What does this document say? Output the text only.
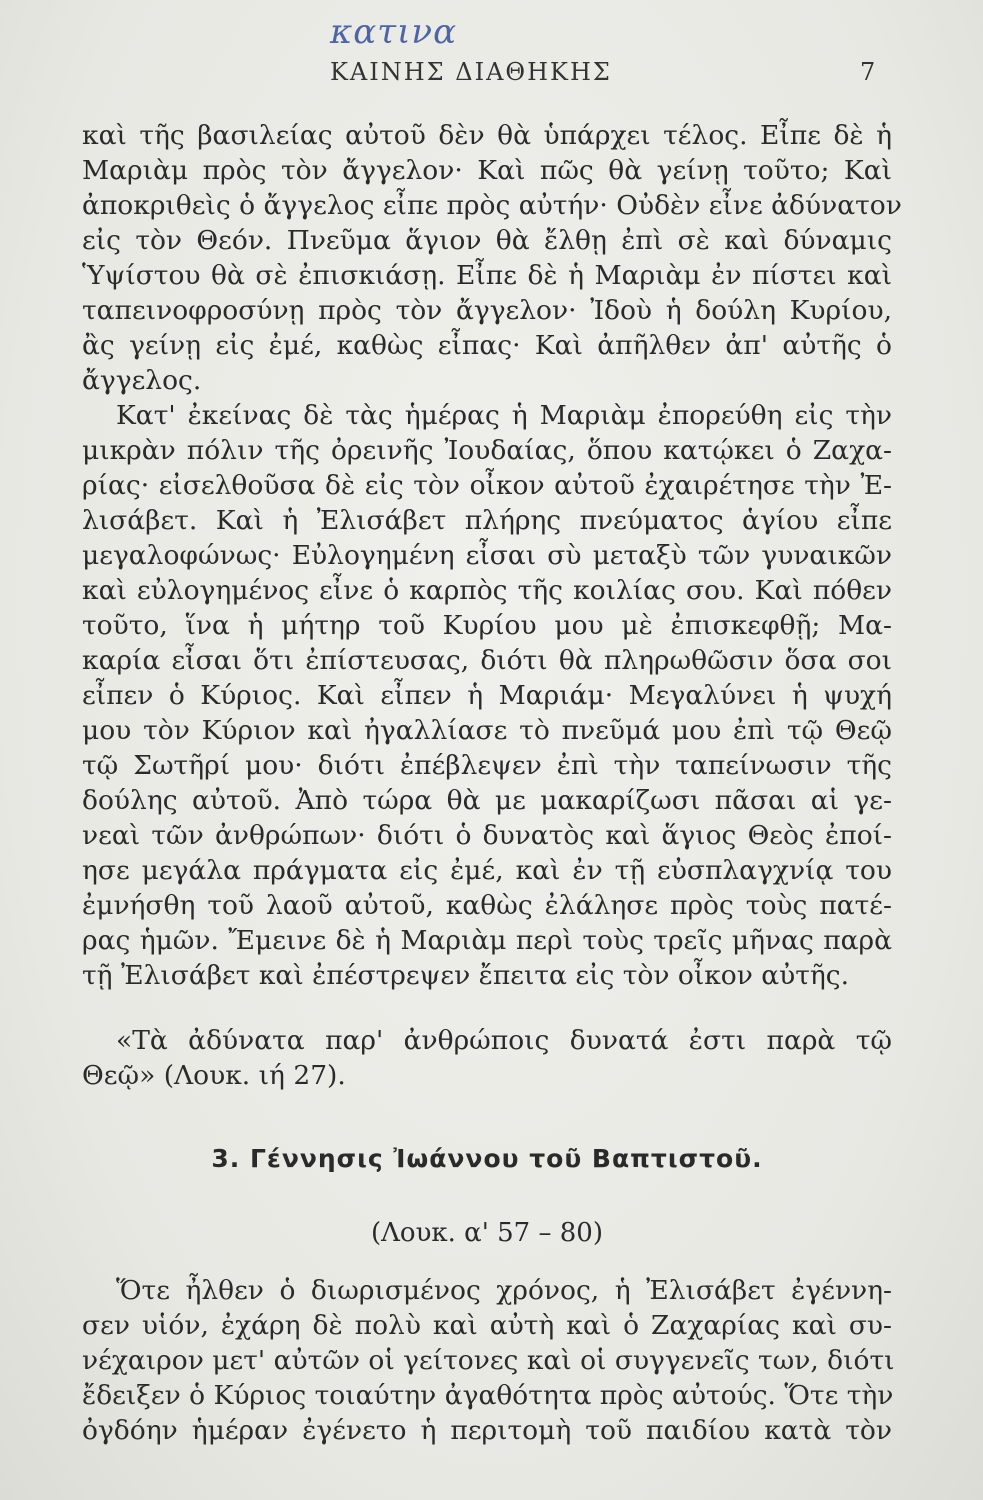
κατινα
ΚΑΙΝΗΣ ΔΙΑΘΗΚΗΣ	7
καὶ τῆς βασιλείας αὐτοῦ δὲν θὰ ὑπάρχει τέλος. Εἶπε δὲ ἡ
Μαριὰμ πρὸς τὸν ἄγγελον· Καὶ πῶς θὰ γείνῃ τοῦτο; Καὶ
ἀποκριθεὶς ὁ ἄγγελος εἶπε πρὸς αὐτήν· Οὐδὲν εἶνε ἀδύνατον
εἰς τὸν Θεόν. Πνεῦμα ἅγιον θὰ ἔλθῃ ἐπὶ σὲ καὶ δύναμις
Ὑψίστου θὰ σὲ ἐπισκιάσῃ. Εἶπε δὲ ἡ Μαριὰμ ἐν πίστει καὶ
ταπεινοφροσύνῃ πρὸς τὸν ἄγγελον· Ἰδοὺ ἡ δούλη Κυρίου,
ἂς γείνῃ εἰς ἐμέ, καθὼς εἶπας· Καὶ ἀπῆλθεν ἀπ' αὐτῆς ὁ
ἄγγελος.
Κατ' ἐκείνας δὲ τὰς ἡμέρας ἡ Μαριὰμ ἐπορεύθη εἰς τὴν
μικρὰν πόλιν τῆς ὀρεινῆς Ἰουδαίας, ὅπου κατῴκει ὁ Ζαχα-
ρίας· εἰσελθοῦσα δὲ εἰς τὸν οἶκον αὐτοῦ ἐχαιρέτησε τὴν Ἐ-
λισάβετ. Καὶ ἡ Ἐλισάβετ πλήρης πνεύματος ἁγίου εἶπε
μεγαλοφώνως· Εὐλογημένη εἶσαι σὺ μεταξὺ τῶν γυναικῶν
καὶ εὐλογημένος εἶνε ὁ καρπὸς τῆς κοιλίας σου. Καὶ πόθεν
τοῦτο, ἵνα ἡ μήτηρ τοῦ Κυρίου μου μὲ ἐπισκεφθῇ; Μα-
καρία εἶσαι ὅτι ἐπίστευσας, διότι θὰ πληρωθῶσιν ὅσα σοι
εἶπεν ὁ Κύριος. Καὶ εἶπεν ἡ Μαριάμ· Μεγαλύνει ἡ ψυχή
μου τὸν Κύριον καὶ ἠγαλλίασε τὸ πνεῦμά μου ἐπὶ τῷ Θεῷ
τῷ Σωτῆρί μου· διότι ἐπέβλεψεν ἐπὶ τὴν ταπείνωσιν τῆς
δούλης αὐτοῦ. Ἀπὸ τώρα θὰ με μακαρίζωσι πᾶσαι αἱ γε-
νεαὶ τῶν ἀνθρώπων· διότι ὁ δυνατὸς καὶ ἅγιος Θεὸς ἐποί-
ησε μεγάλα πράγματα εἰς ἐμέ, καὶ ἐν τῇ εὐσπλαγχνίᾳ του
ἐμνήσθη τοῦ λαοῦ αὐτοῦ, καθὼς ἐλάλησε πρὸς τοὺς πατέ-
ρας ἡμῶν. Ἔμεινε δὲ ἡ Μαριὰμ περὶ τοὺς τρεῖς μῆνας παρὰ
τῇ Ἐλισάβετ καὶ ἐπέστρεψεν ἔπειτα εἰς τὸν οἶκον αὐτῆς.
«Τὰ ἀδύνατα παρ' ἀνθρώποις δυνατά ἐστι παρὰ τῷ
Θεῷ» (Λουκ. ιή 27).
3. Γέννησις Ἰωάννου τοῦ Βαπτιστοῦ.
(Λουκ. α' 57 – 80)
Ὅτε ἦλθεν ὁ διωρισμένος χρόνος, ἡ Ἐλισάβετ ἐγέννη-
σεν υἱόν, ἐχάρη δὲ πολὺ καὶ αὐτὴ καὶ ὁ Ζαχαρίας καὶ συ-
νέχαιρον μετ' αὐτῶν οἱ γείτονες καὶ οἱ συγγενεῖς των, διότι
ἔδειξεν ὁ Κύριος τοιαύτην ἀγαθότητα πρὸς αὐτούς. Ὅτε τὴν
ὀγδόην ἡμέραν ἐγένετο ἡ περιτομὴ τοῦ παιδίου κατὰ τὸν
